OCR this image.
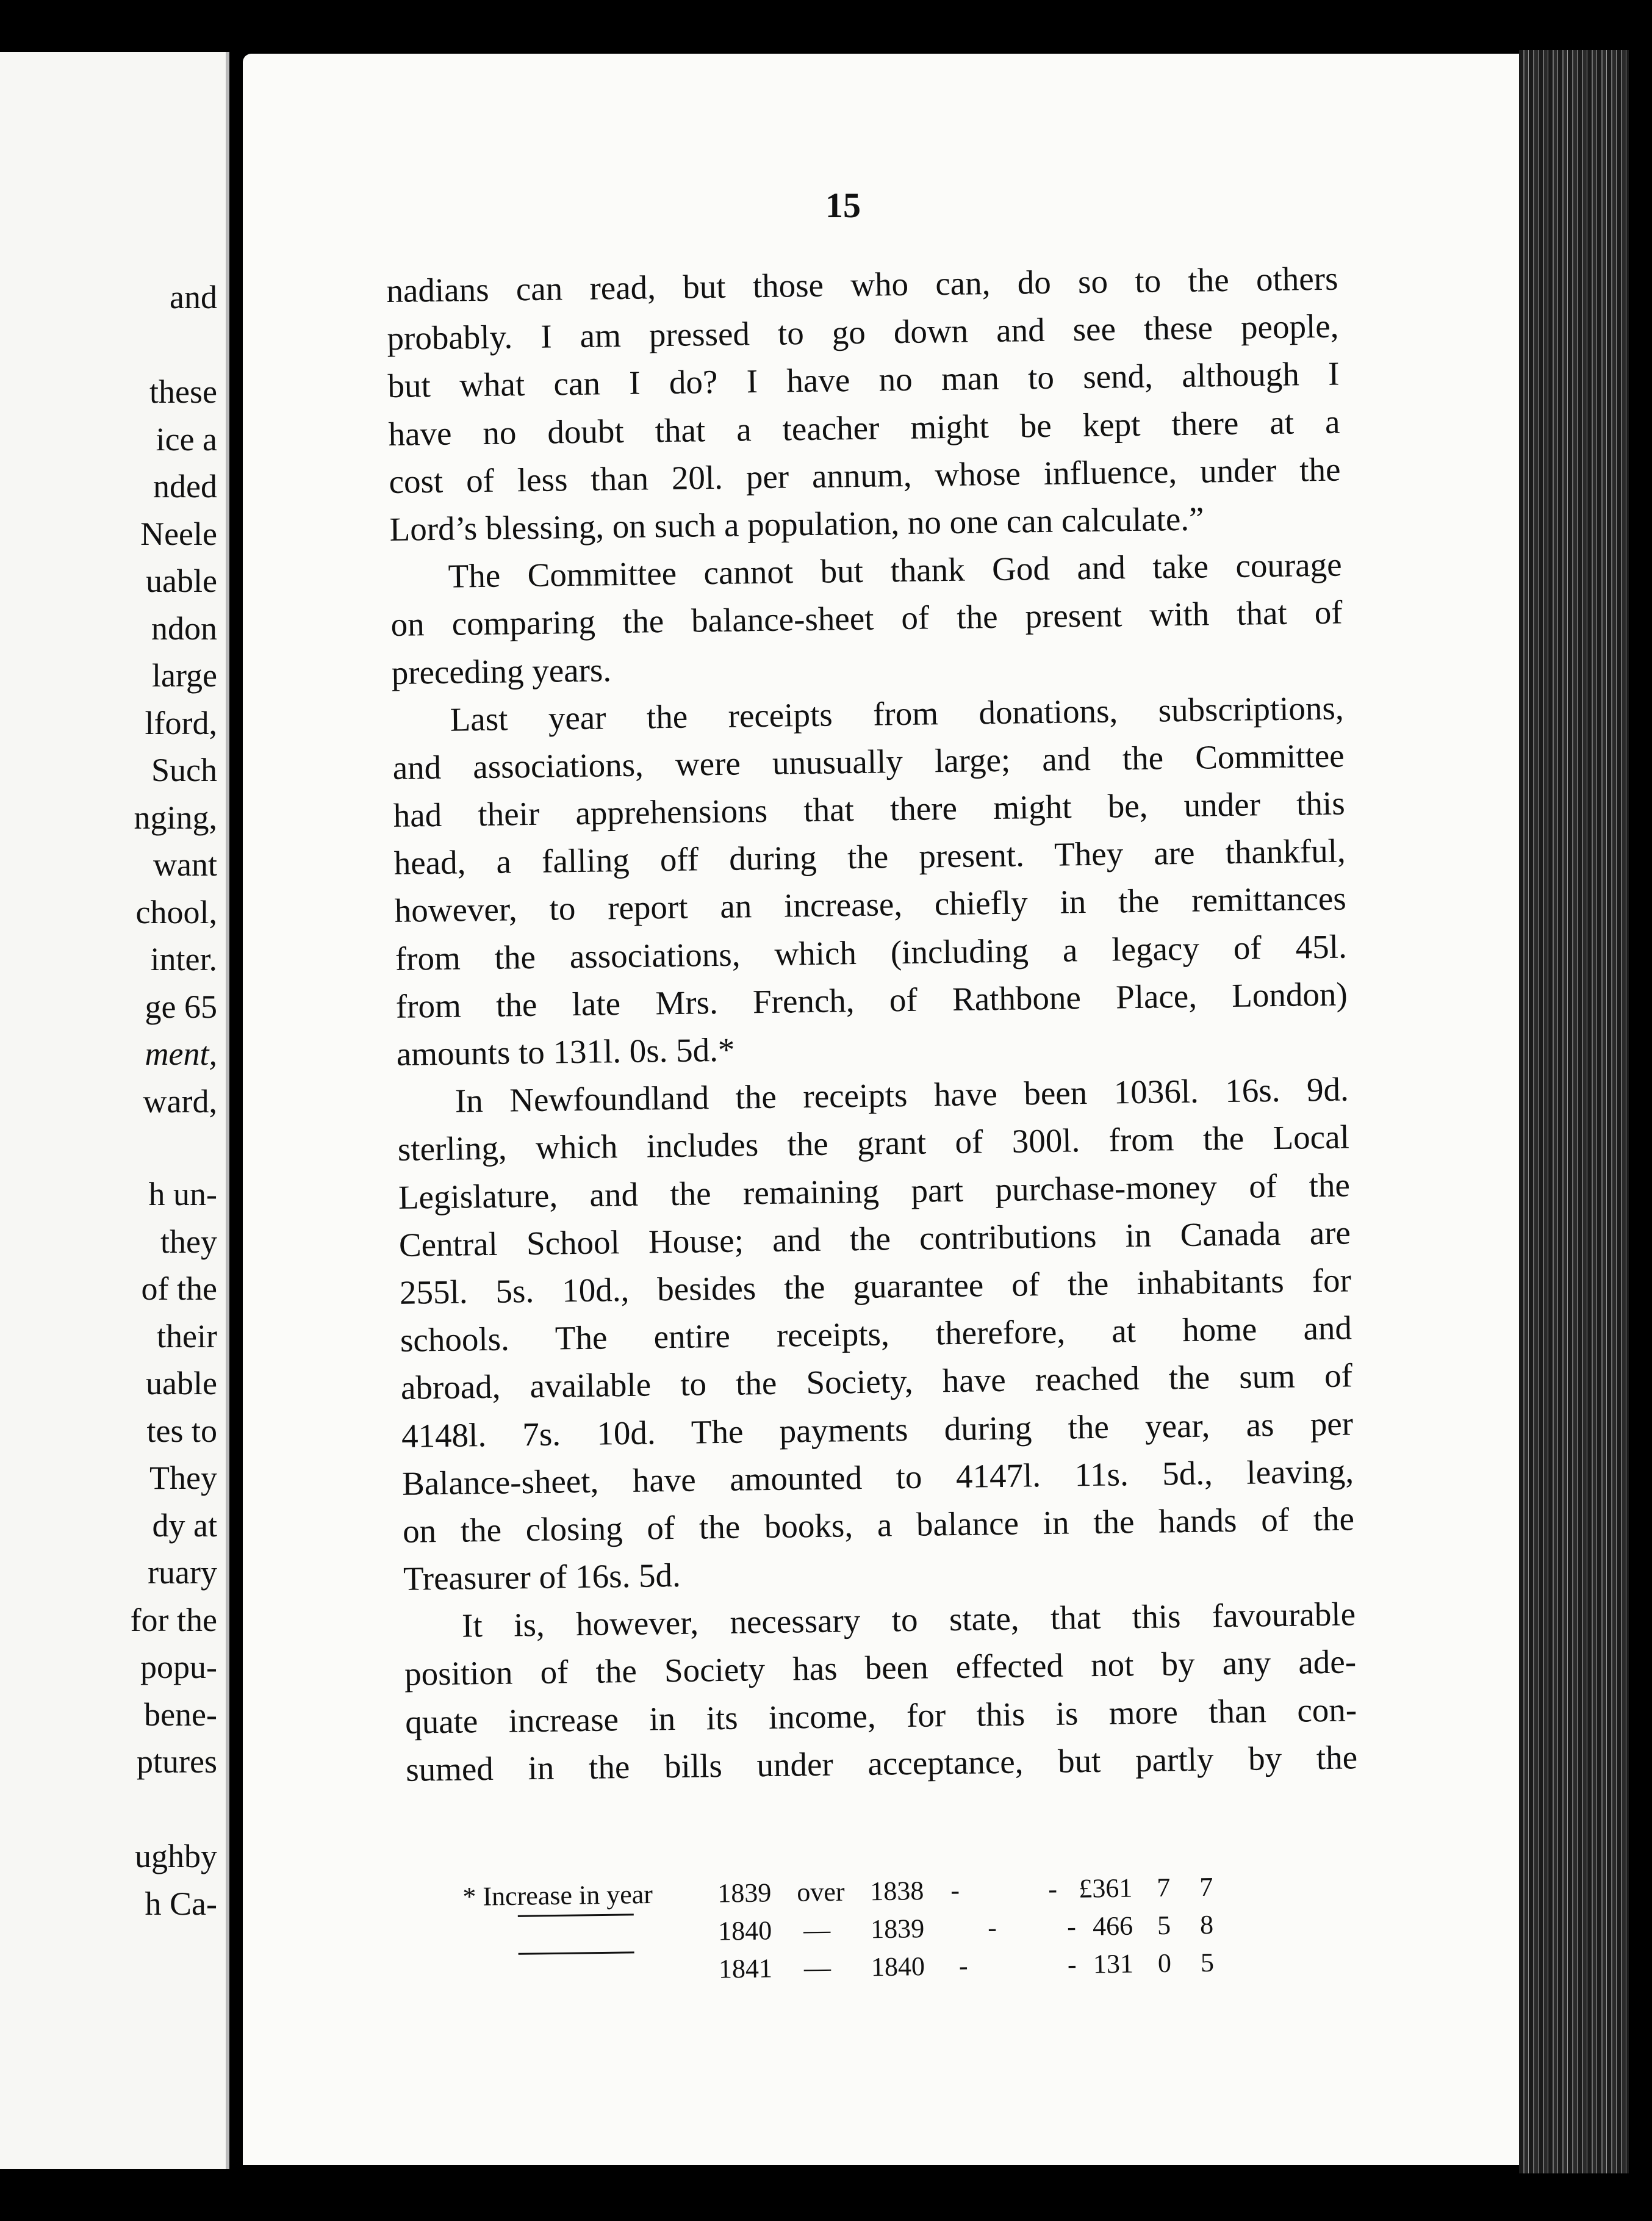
and
these
ice a
nded
Neele
uable
ndon
large
lford,
Such
nging,
want
chool,
inter.
ge 65
ment,
ward,
h un-
they
of the
their
uable
tes to
They
dy at
ruary
for the
popu-
bene-
ptures
ughby
h Ca-
15
nadians can read, but those who can, do so to the others
probably. I am pressed to go down and see these people,
but what can I do? I have no man to send, although I
have no doubt that a teacher might be kept there at a
cost of less than 20l. per annum, whose influence, under the
Lord’s blessing, on such a population, no one can calculate.”
The Committee cannot but thank God and take courage
on comparing the balance-sheet of the present with that of
preceding years.
Last year the receipts from donations, subscriptions,
and associations, were unusually large; and the Committee
had their apprehensions that there might be, under this
head, a falling off during the present. They are thankful,
however, to report an increase, chiefly in the remittances
from the associations, which (including a legacy of 45l.
from the late Mrs. French, of Rathbone Place, London)
amounts to 131l. 0s. 5d.*
In Newfoundland the receipts have been 1036l. 16s. 9d.
sterling, which includes the grant of 300l. from the Local
Legislature, and the remaining part purchase-money of the
Central School House; and the contributions in Canada are
255l. 5s. 10d., besides the guarantee of the inhabitants for
schools. The entire receipts, therefore, at home and
abroad, available to the Society, have reached the sum of
4148l. 7s. 10d. The payments during the year, as per
Balance-sheet, have amounted to 4147l. 11s. 5d., leaving,
on the closing of the books, a balance in the hands of the
Treasurer of 16s. 5d.
It is, however, necessary to state, that this favourable
position of the Society has been effected not by any ade-
quate increase in its income, for this is more than con-
sumed in the bills under acceptance, but partly by the
* Increase in year 1839 over 1838 -	- £361 7 7
1840 — 1839 -	- 466 5 8
1841 — 1840 -	- 131 0 5
